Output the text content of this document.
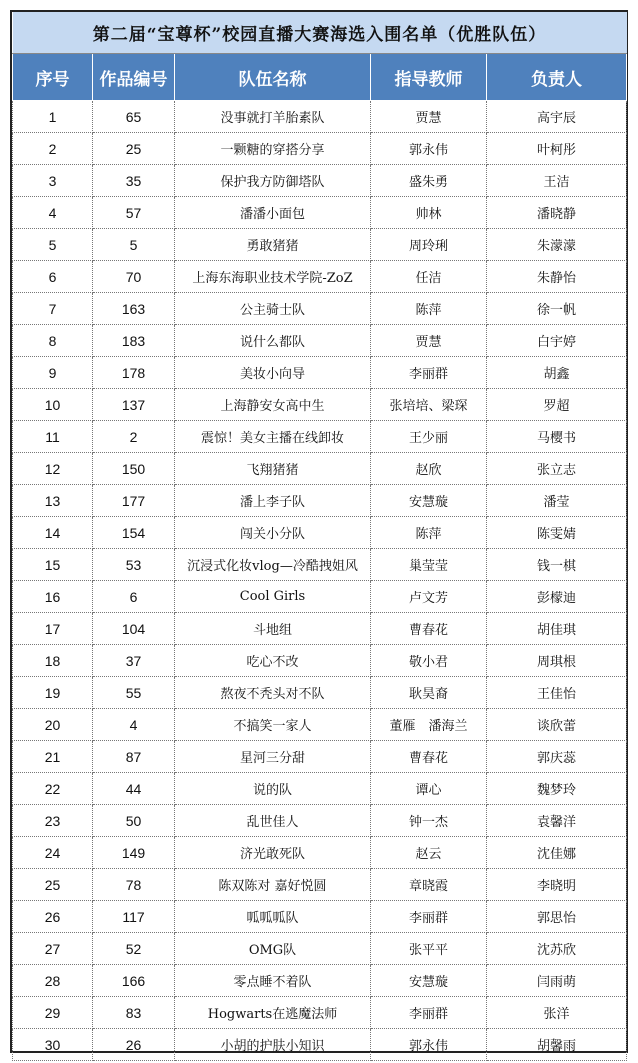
第二届“宝尊杯”校园直播大赛海选入围名单（优胜队伍）				
序号	作品编号	队伍名称	指导教师	负责人
1	65	没事就打羊胎素队	贾慧	高宇辰
2	25	一颗糖的穿搭分享	郭永伟	叶柯彤
3	35	保护我方防御塔队	盛朱勇	王洁
4	57	潘潘小面包	帅林	潘晓静
5	5	勇敢猪猪	周玲琍	朱濛濛
6	70	上海东海职业技术学院-ZoZ	任洁	朱静怡
7	163	公主骑士队	陈萍	徐一帆
8	183	说什么都队	贾慧	白宇婷
9	178	美妆小向导	李丽群	胡鑫
10	137	上海静安女高中生	张培培、梁琛	罗超
11	2	震惊！美女主播在线卸妆	王少丽	马樱书
12	150	飞翔猪猪	赵欣	张立志
13	177	潘上李子队	安慧璇	潘莹
14	154	闯关小分队	陈萍	陈雯婧
15	53	沉浸式化妆vlog—冷酷拽姐风	巢莹莹	钱一棋
16	6	Cool Girls	卢文芳	彭檬迪
17	104	斗地组	曹春花	胡佳琪
18	37	吃心不改	敬小君	周琪根
19	55	熬夜不秃头对不队	耿昊裔	王佳怡
20	4	不搞笑一家人	董雁　潘海兰	谈欣蕾
21	87	星河三分甜	曹春花	郭庆蕊
22	44	说的队	谭心	魏梦玲
23	50	乱世佳人	钟一杰	袁馨洋
24	149	济光敢死队	赵云	沈佳娜
25	78	陈双陈对 嘉好悦圆	章晓霞	李晓明
26	117	呱呱呱队	李丽群	郭思怡
27	52	OMG队	张平平	沈苏欣
28	166	零点睡不着队	安慧璇	闫雨萌
29	83	Hogwarts在逃魔法师	李丽群	张洋
30	26	小胡的护肤小知识	郭永伟	胡馨雨
